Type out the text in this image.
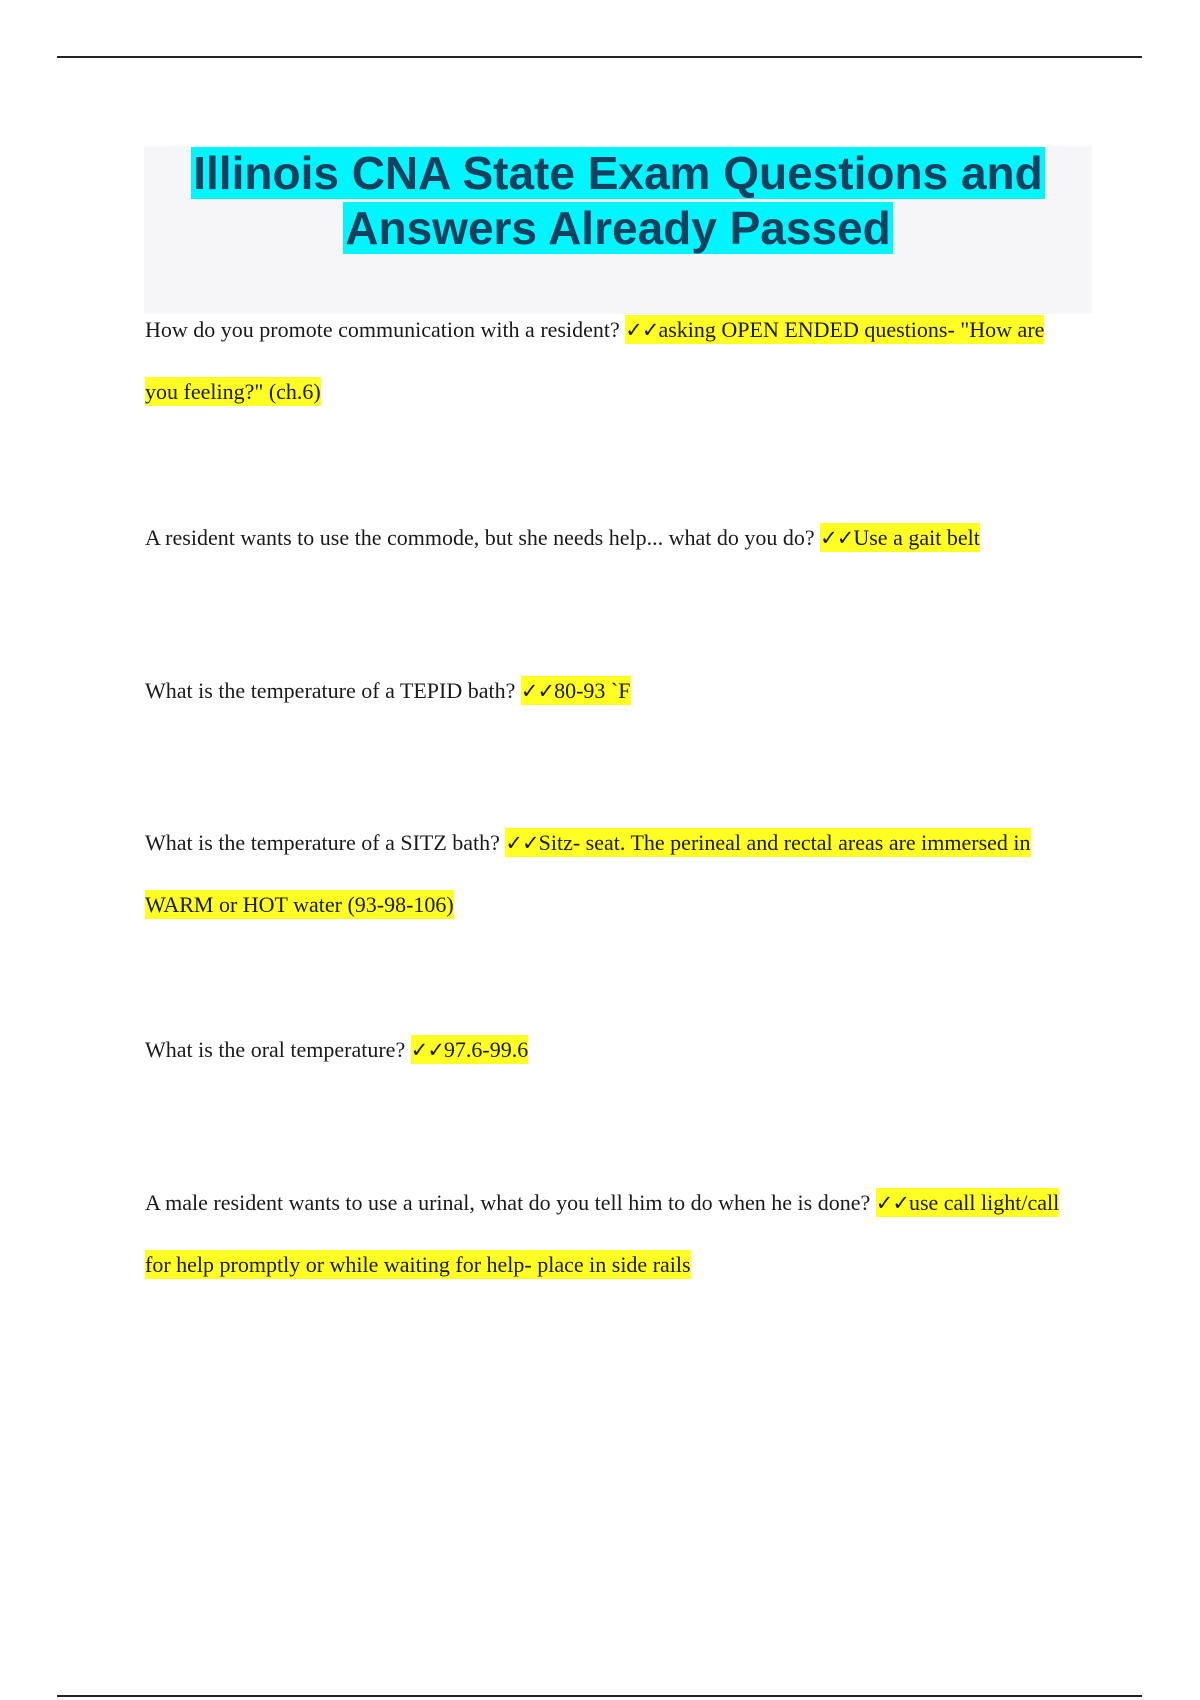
Illinois CNA State Exam Questions and
Answers Already Passed

How do you promote communication with a resident? ✓✓asking OPEN ENDED questions- "How are you feeling?" (ch.6)

A resident wants to use the commode, but she needs help... what do you do? ✓✓Use a gait belt

What is the temperature of a TEPID bath? ✓✓80-93 `F

What is the temperature of a SITZ bath? ✓✓Sitz- seat. The perineal and rectal areas are immersed in WARM or HOT water (93-98-106)

What is the oral temperature? ✓✓97.6-99.6

A male resident wants to use a urinal, what do you tell him to do when he is done? ✓✓use call light/call for help promptly or while waiting for help- place in side rails
